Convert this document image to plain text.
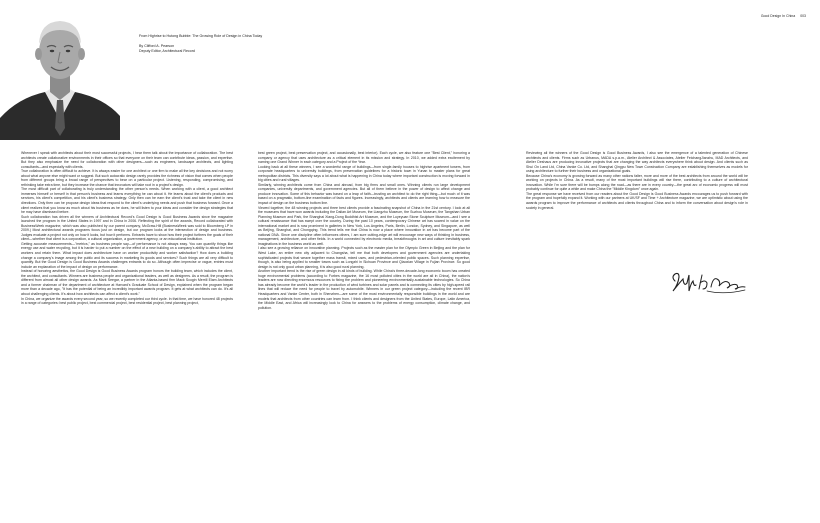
Good Design In China 003
From Highrise to Hutong Bubble: The Growing Role of Design in China Today
By Clifford A. Pearson
Deputy Editor, Architectural Record

Whenever I speak with architects about their most successful projects, I hear them talk about the importance of collaboration. The best architects create collaborative environments in their offices so that everyone on their team can contribute ideas, passion, and expertise. But they also emphasize the need for collaboration with other designers—such as engineers, landscape architects, and lighting consultants—and especially with clients.

True collaboration is often difficult to achieve. It is always easier for one architect or one firm to make all the key decisions and not worry about what anyone else might want or suggest. But such autocratic design rarely provides the richness of vision that comes when people from different groups bring a broad range of perspectives to bear on a particular project. Listening, responding, compromising, and rethinking take extra time, but they increase the chance that innovators will take root in a project's design.

The most difficult part of collaborating is truly understanding the other person's needs. When working with a client, a good architect immerses himself or herself in that person's business and learns everything he can about it. He learns about the client's products and services, his client's competition, and his client's business strategy. Only then can he earn the client's trust and take the client in new directions. Only then can he propose design ideas that respond to the client's underlying needs and push that business forward. Once a client realizes that you know as much about his business as he does, he will listen to your ideas and consider the design strategies that he may have dismissed before.

Such collaboration has driven all the winners of Architectural Record's Good Design is Good Business Awards since the magazine launched the program in the United States in 1997 and in China in 2006. Reflecting the spirit of the awards, Record collaborated with BusinessWeek magazine, which was also published by our parent company, McGraw-Hill (BusinessWeek was sold to Bloomberg LP in 2009.) Most architectural awards programs focus just on design, but our program looks at the intersection of design and business. Judges evaluate a project not only on how it looks, but how it performs. Entrants have to show how their project furthers the goals of their client—whether that client is a corporation, a cultural organization, a government agency, or an educational institution.

Getting accurate measurements—"metrics," as business people say—of performance is not always easy. You can quantify things like energy use and water recycling, but it is harder to put a number on the effect of a new building on a company's ability to attract the best workers and retain them. What impact does architecture have on worker productivity and worker satisfaction? How does a building change a company's image among the public and its success in marketing its goods and services? Such things are all very difficult to quantify. But the Good Design is Good Business Awards challenges entrants to do so. Although often imprecise or vague, entries must include an explanation of the impact of design on performance.

Instead of honoring aesthetics, the Good Design is Good Business Awards program honors the building team, which includes the client, the architect, and consultants. Winners are business people and organizational leaders, as well as designers. As a result, the program is different from almost all other design awards. As Mark Seegar, a partner in the Atlanta-based firm Mack Scogin Merrill Elam Architects and a former chairman of the department of architecture at Harvard's Graduate School of Design, explained when the program began more than a decade ago, "It has the potential of being an incredibly important awards program. It gets at what architects can do. It's all about challenging clients. It's about how architects can affect a client's work."

In China, we organize the awards every second year, so we recently completed our third cycle. In that time, we have honored 48 projects in a range of categories: best public project, best commercial project, best residential project, best planning project,

best green project, best preservation project, and occasionally, best interior). Each cycle, we also feature one "Best Client," honoring a company or agency that uses architecture as a critical element in its mission and strategy. In 2010, we added extra excitement by naming one Grand Winner in each category and a Project of the Year.

Looking back at all these winners, I see a wonderful range of buildings—from single-family houses to highrise apartment towers, from corporate headquarters to university buildings, from preservation guidelines for a historic town in Yunan to master plans for great metropolitan districts. This diversity says a lot about what is happening in China today where important construction is moving forward in big cities and rural villages.

Similarly, winning architects come from China and abroad, from big firms and small ones. Winning clients run large development companies, university departments, and government agencies. But all of them believe in the power of design to affect change and produce innovation. Some of this behavior was based on a leap of faith—trusting an architect to do the right thing—but much of it was based on a pragmatic, bottom-line examination of facts and figures. Increasingly, architects and clients are learning how to measure the impact of design on the business bottom line.

Viewed together, the 48 winning projects and three best clients provide a fascinating snapshot of China in the 21st century. I look at all the museums that have won awards including the Dalian Art Museum, the Liangzhu Museum, the Suzhou Museum, the Tangshan Urban Planning Museum and Park, the Shanghai Xiang-Dong Buddhist Art Museum, and the Luyeyuan Stone Sculpture Museum—and I see a cultural renaissance that has swept over the country. During the past 10 years, contemporary Chinese art has soared in value on the international market and is now prominent in galleries in New York, Los Angeles, Paris, Berlin, London, Sydney, and Singapore, as well as Beijing, Shanghai, and Chongqing. This trend tells me that China is now a place where innovation in art has become part of the national DNA. Since one discipline often influences others, I am sure cutting-edge art will encourage new ways of thinking in business, management, architecture, and other fields. In a world connected by electronic media, breakthroughs in art and culture inevitably spark imaginations in the business world as well.

I also see a growing reliance on innovative planning. Projects such as the master plan for the Olympic Green in Beijing and the plan for West Lake, an entire new city adjacent to Changsha, tell me that both developers and government agencies are undertaking sophisticated projects that weave together mass transit, mixed uses, and pedestrian-oriented public spaces. Such planning expertise, though, is also being applied to smaller towns such as Longzhi in Sichuan Province and Qiaoxian Village in Fujian Province. So good design is not only good urban planning, it is also good rural planning.

Another important trend is the rise of green design in all kinds of building. While China's three-decade-long economic boom has created huge environmental problems (according to Forbes magazine, the 16 most polluted cities in the world are all in China), the nation's leaders are now directing enormous resources to fixing the problem and pioneering environmentally-sustainable technologies. So China has already become the world's leader in the production of wind turbines and solar panels and is connecting its cities by high-speed rail lines that will reduce the need for people to travel by automobile. Winners in our green project category—including the recent IBR Headquarters and Vanke Center, both in Shenzhen—are some of the most environmentally responsible buildings in the world and are models that architects from other countries can learn from. I think clients and designers from the United States, Europe, Latin America, the Middle East, and Africa will increasingly look to China for answers to the problems of energy consumption, climate change, and pollution.

Reviewing all the winners of the Good Design is Good Business Awards, I also see the emergence of a talented generation of Chinese architects and clients. Firms such as Urbanus, MADA s.p.a.m., Atelier Architect & Associates, Atelier FeichangJianzhu, MAD Architects, and Atelier Deshaus are producing innovative projects that are changing the way architects everywhere think about design. And clients such as Shui On Land Ltd, China Vanke Co. Ltd, and Shanghai Qingpu New Town Construction Company are establishing themselves as models for using architecture to further their business and organizational goals.

Because China's economy is growing forward as many other nations falter, more and more of the best architects from around the world will be working on projects in China. As a result, many of the most important buildings will rise there, contributing to a culture of architectural innovation. While I'm sure there will be bumps along the road—as there are in every country—the great arc of economic progress will most probably continue for quite a while and make China the "Middle Kingdom" once again.

The great response we have received from our readers about the Good Design is Good Business Awards encourages us to push forward with the program and hopefully expand it. Working with our partners at UK/SF and Time + Architecture magazine, we are optimistic about using the awards program to improve the performance of architects and clients throughout China and to inform the conversation about design's role in society in general.
